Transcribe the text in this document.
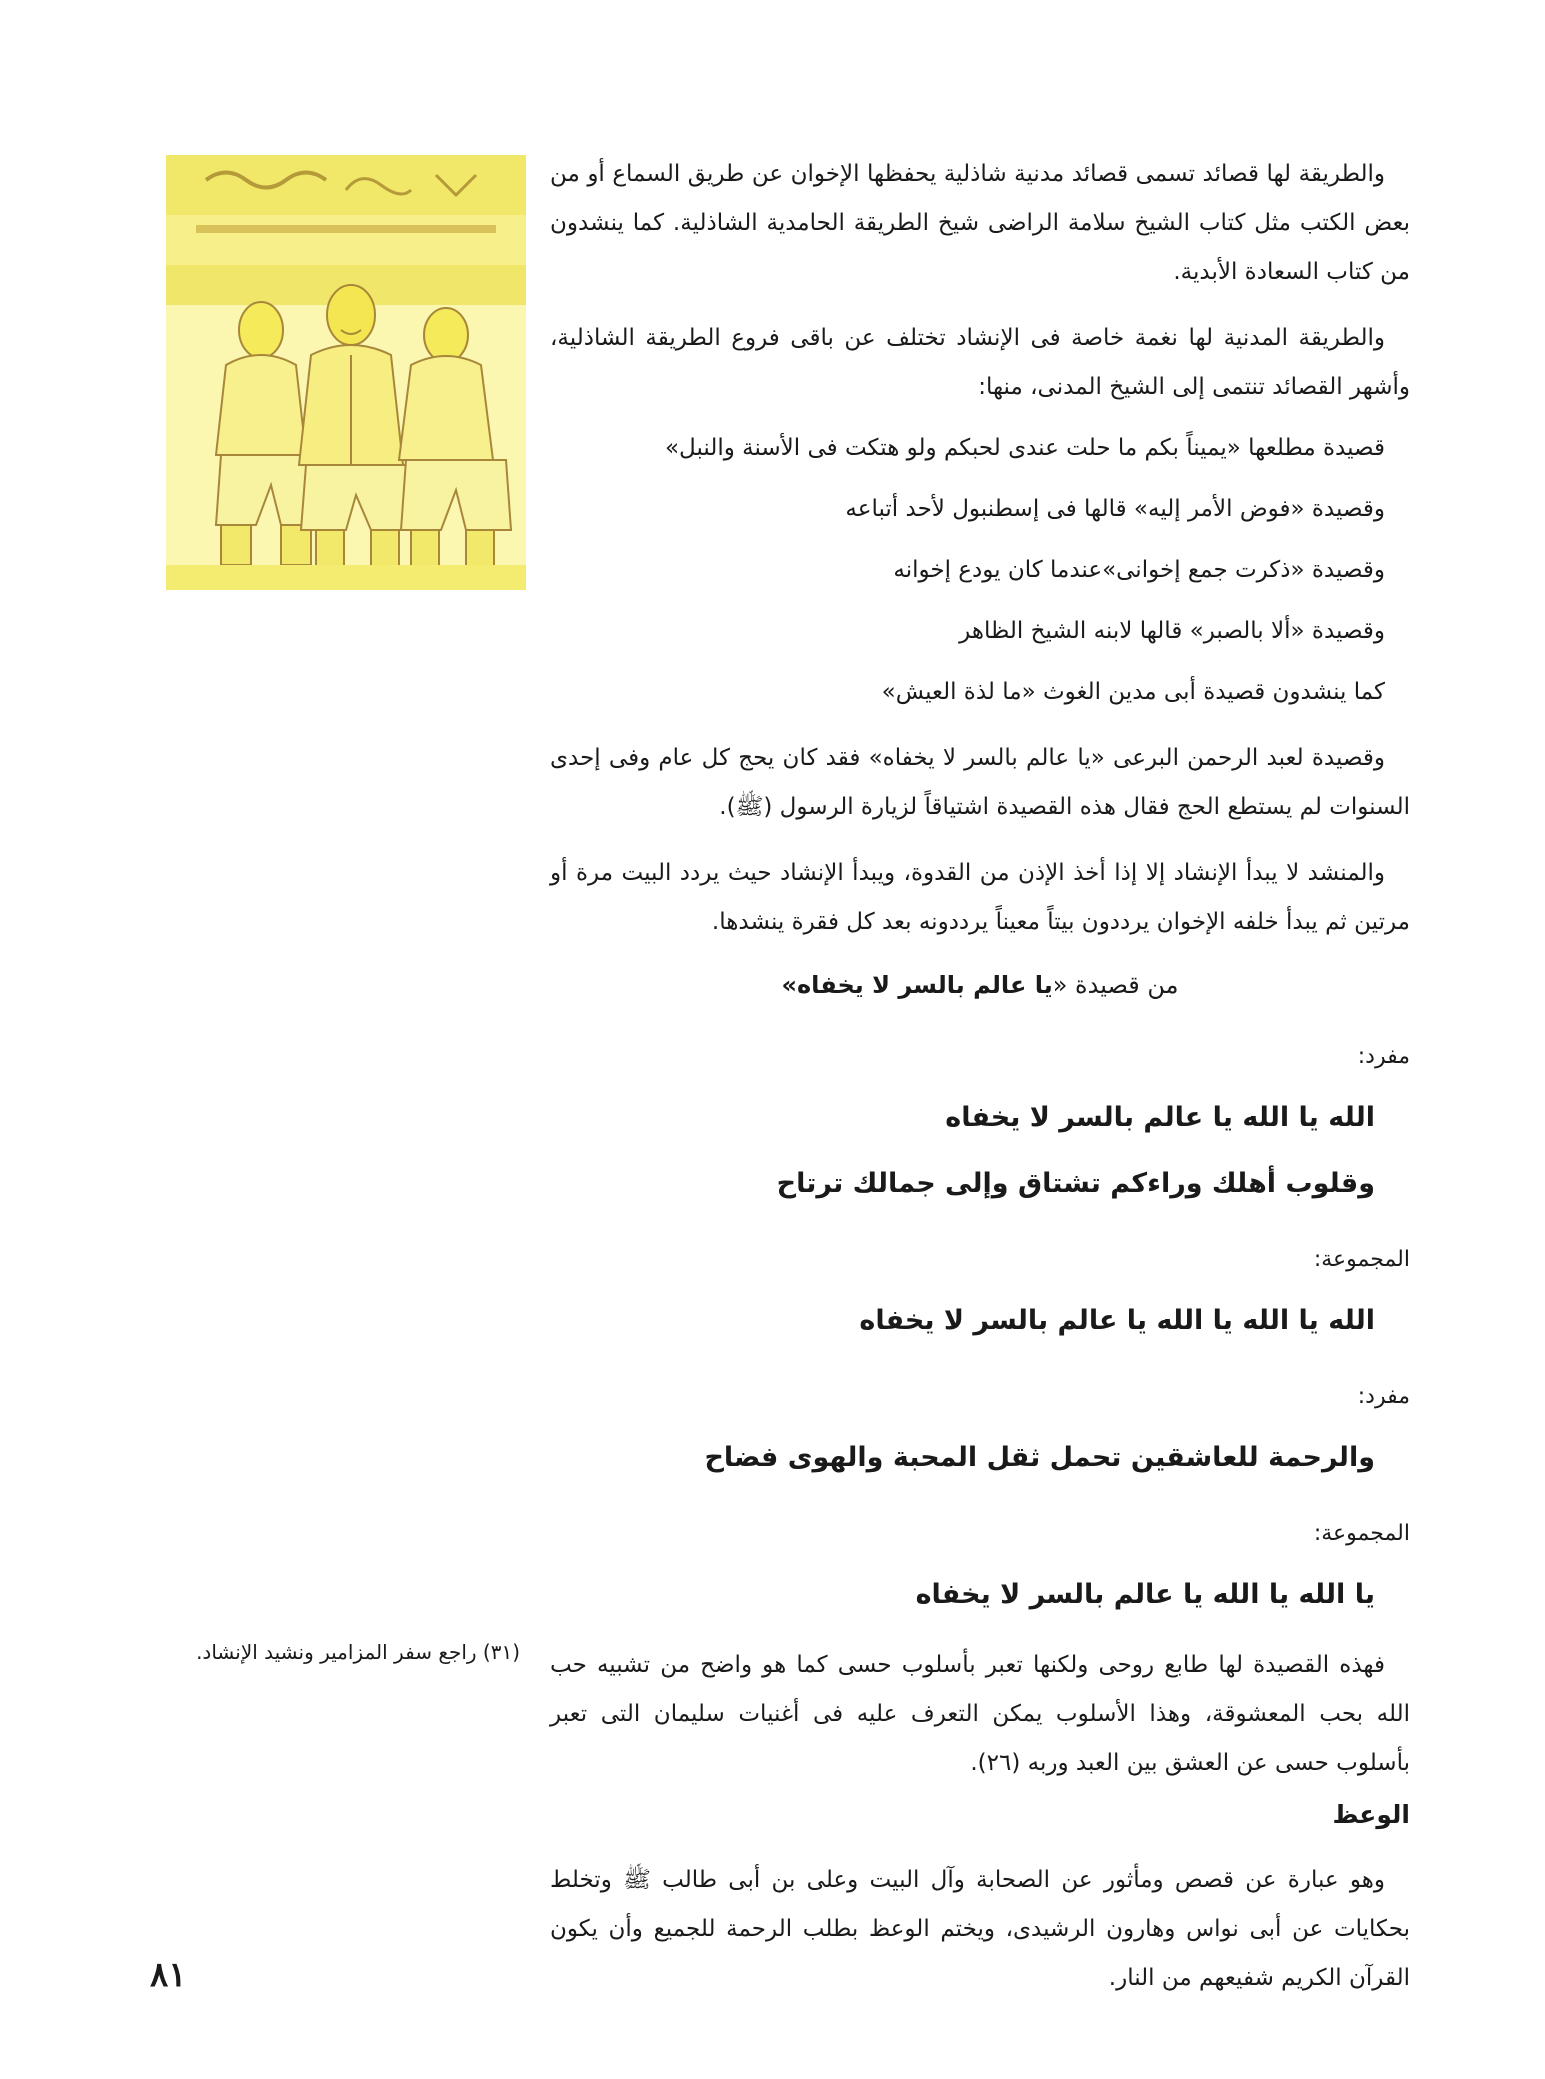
والطريقة لها قصائد تسمى قصائد مدنية شاذلية يحفظها الإخوان عن طريق السماع أو من بعض الكتب مثل كتاب الشيخ سلامة الراضى شيخ الطريقة الحامدية الشاذلية. كما ينشدون من كتاب السعادة الأبدية.

والطريقة المدنية لها نغمة خاصة فى الإنشاد تختلف عن باقى فروع الطريقة الشاذلية، وأشهر القصائد تنتمى إلى الشيخ المدنى، منها:

قصيدة مطلعها «يميناً بكم ما حلت عندى لحبكم ولو هتكت فى الأسنة والنبل»

وقصيدة «فوض الأمر إليه» قالها فى إسطنبول لأحد أتباعه

وقصيدة «ذكرت جمع إخوانى»عندما كان يودع إخوانه

وقصيدة «ألا بالصبر» قالها لابنه الشيخ الظاهر

كما ينشدون قصيدة أبى مدين الغوث «ما لذة العيش»

وقصيدة لعبد الرحمن البرعى «يا عالم بالسر لا يخفاه» فقد كان يحج كل عام وفى إحدى السنوات لم يستطع الحج فقال هذه القصيدة اشتياقاً لزيارة الرسول (ﷺ).

والمنشد لا يبدأ الإنشاد إلا إذا أخذ الإذن من القدوة، ويبدأ الإنشاد حيث يردد البيت مرة أو مرتين ثم يبدأ خلفه الإخوان يرددون بيتاً معيناً يرددونه بعد كل فقرة ينشدها.

من قصيدة «يا عالم بالسر لا يخفاه»

مفرد:

الله يا الله يا عالم بالسر لا يخفاه

وقلوب أهلك وراءكم تشتاق وإلى جمالك ترتاح

المجموعة:

الله يا الله يا الله يا عالم بالسر لا يخفاه

مفرد:

والرحمة للعاشقين تحمل ثقل المحبة والهوى فضاح

المجموعة:

يا الله يا الله يا عالم بالسر لا يخفاه

فهذه القصيدة لها طابع روحى ولكنها تعبر بأسلوب حسى كما هو واضح من تشبيه حب الله بحب المعشوقة، وهذا الأسلوب يمكن التعرف عليه فى أغنيات سليمان التى تعبر بأسلوب حسى عن العشق بين العبد وربه (٢٦).

الوعظ

وهو عبارة عن قصص ومأثور عن الصحابة وآل البيت وعلى بن أبى طالب ﷺ وتخلط بحكايات عن أبى نواس وهارون الرشيدى، ويختم الوعظ بطلب الرحمة للجميع وأن يكون القرآن الكريم شفيعهم من النار.

(٣١) راجع سفر المزامير ونشيد الإنشاد.
٨١
